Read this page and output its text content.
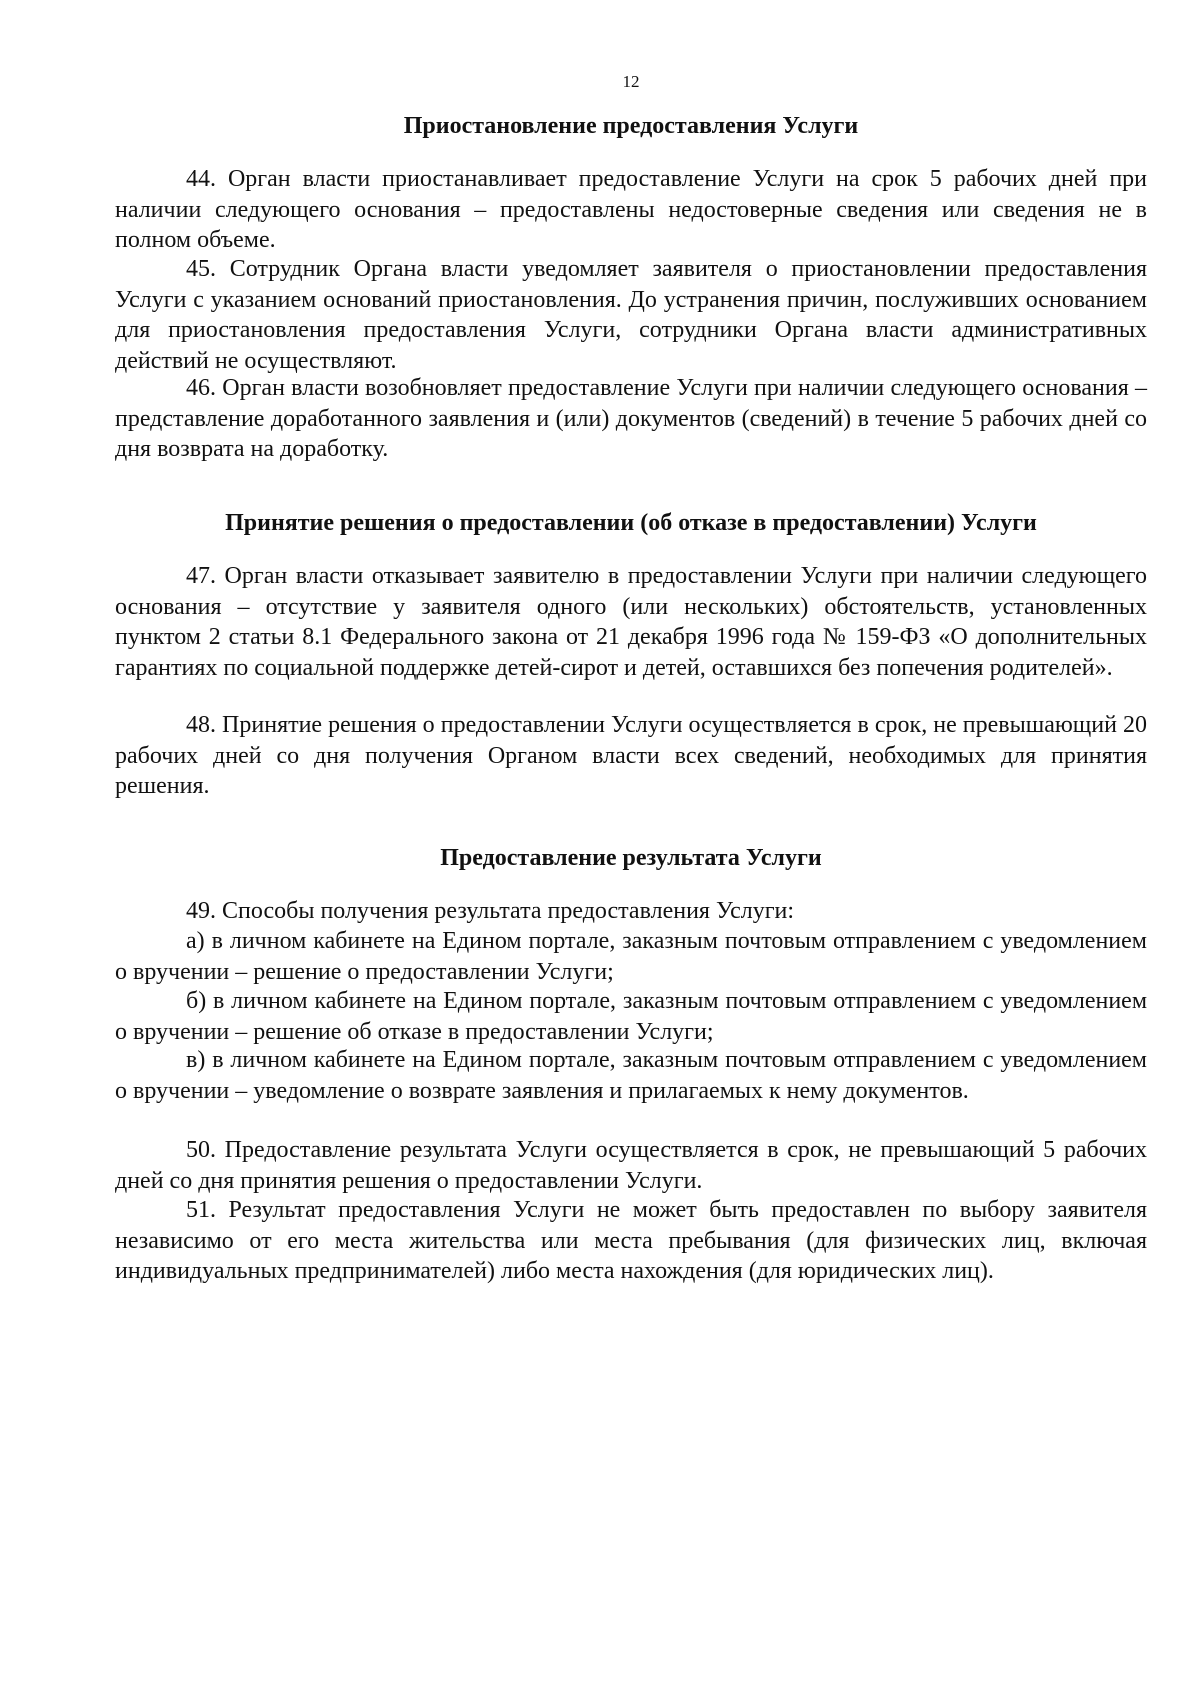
12
Приостановление предоставления Услуги

44. Орган власти приостанавливает предоставление Услуги на срок 5 рабочих дней при наличии следующего основания – предоставлены недостоверные сведения или сведения не в полном объеме.

45. Сотрудник Органа власти уведомляет заявителя о приостановлении предоставления Услуги с указанием оснований приостановления. До устранения причин, послуживших основанием для приостановления предоставления Услуги, сотрудники Органа власти административных действий не осуществляют.

46. Орган власти возобновляет предоставление Услуги при наличии следующего основания – представление доработанного заявления и (или) документов (сведений) в течение 5 рабочих дней со дня возврата на доработку.

Принятие решения о предоставлении (об отказе в предоставлении) Услуги

47. Орган власти отказывает заявителю в предоставлении Услуги при наличии следующего основания – отсутствие у заявителя одного (или нескольких) обстоятельств, установленных пунктом 2 статьи 8.1 Федерального закона от 21 декабря 1996 года № 159-ФЗ «О дополнительных гарантиях по социальной поддержке детей-сирот и детей, оставшихся без попечения родителей».

48. Принятие решения о предоставлении Услуги осуществляется в срок, не превышающий 20 рабочих дней со дня получения Органом власти всех сведений, необходимых для принятия решения.

Предоставление результата Услуги

49. Способы получения результата предоставления Услуги:

а) в личном кабинете на Едином портале, заказным почтовым отправлением с уведомлением о вручении – решение о предоставлении Услуги;

б) в личном кабинете на Едином портале, заказным почтовым отправлением с уведомлением о вручении – решение об отказе в предоставлении Услуги;

в) в личном кабинете на Едином портале, заказным почтовым отправлением с уведомлением о вручении – уведомление о возврате заявления и прилагаемых к нему документов.

50. Предоставление результата Услуги осуществляется в срок, не превышающий 5 рабочих дней со дня принятия решения о предоставлении Услуги.

51. Результат предоставления Услуги не может быть предоставлен по выбору заявителя независимо от его места жительства или места пребывания (для физических лиц, включая индивидуальных предпринимателей) либо места нахождения (для юридических лиц).
